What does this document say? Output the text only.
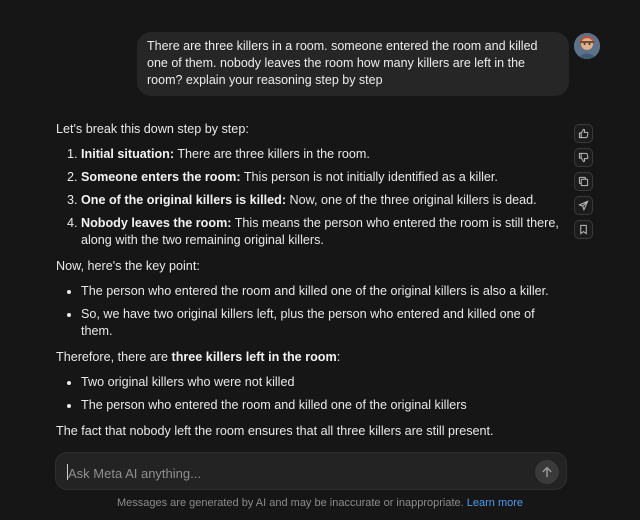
There are three killers in a room. someone entered the room and killed one of them. nobody leaves the room how many killers are left in the room? explain your reasoning step by step

Let's break this down step by step:

1. Initial situation: There are three killers in the room.
2. Someone enters the room: This person is not initially identified as a killer.
3. One of the original killers is killed: Now, one of the three original killers is dead.
4. Nobody leaves the room: This means the person who entered the room is still there, along with the two remaining original killers.

Now, here's the key point:

• The person who entered the room and killed one of the original killers is also a killer.
• So, we have two original killers left, plus the person who entered and killed one of them.

Therefore, there are three killers left in the room:

• Two original killers who were not killed
• The person who entered the room and killed one of the original killers

The fact that nobody left the room ensures that all three killers are still present.

Ask Meta AI anything...
Messages are generated by AI and may be inaccurate or inappropriate. Learn more
